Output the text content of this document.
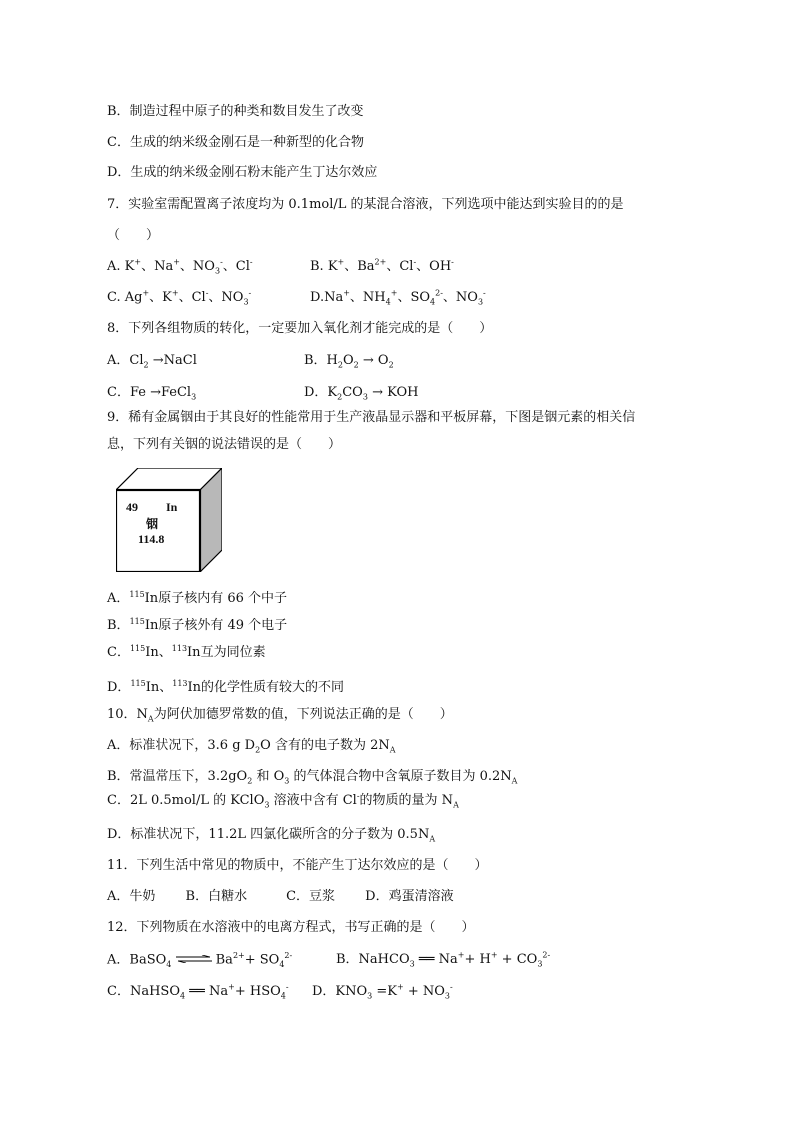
B．制造过程中原子的种类和数目发生了改变
C．生成的纳米级金刚石是一种新型的化合物
D．生成的纳米级金刚石粉末能产生丁达尔效应
7．实验室需配置离子浓度均为 0.1mol/L 的某混合溶液，下列选项中能达到实验目的的是
（　　）
A. K+、Na+、$NO_3^-$、Cl-	B. K+、$Ba^{2+}$、Cl-、OH-
C. Ag+、K+、Cl-、$NO_3^-$	D.Na+、$NH_4^+$、$SO_4^{2-}$、$NO_3^-$
8．下列各组物质的转化，一定要加入氧化剂才能完成的是（　　）
A．$Cl_2$ →NaCl	B．$H_2O_2 \to O_2$
C．Fe →FeCl$_3$	D．$K_2CO_3$ → KOH
9．稀有金属铟由于其良好的性能常用于生产液晶显示器和平板屏幕，下图是铟元素的相关信
息，下列有关铟的说法错误的是（　　）
49 In
铟
114.8
A．$^{115}$In原子核内有 66 个中子
B．$^{115}$In原子核外有 49 个电子
C．$^{115}$In、$^{113}$In互为同位素
D．$^{115}$In、$^{113}$In的化学性质有较大的不同
10．$N_A$为阿伏加德罗常数的值，下列说法正确的是（　　）
A．标准状况下，3.6 g $D_2O$ 含有的电子数为 $2N_A$
B．常温常压下，$3.2gO_2$ 和 $O_3$ 的气体混合物中含氧原子数目为 $0.2N_A$
C．2L 0.5mol/L 的 KClO$_3$ 溶液中含有 Cl-的物质的量为 $N_A$
D．标准状况下，11.2L 四氯化碳所含的分子数为 $0.5N_A$
11．下列生活中常见的物质中，不能产生丁达尔效应的是（　　）
A．牛奶　　 B．白糖水　　　C．豆浆　　 D．鸡蛋清溶液
12．下列物质在水溶液中的电离方程式，书写正确的是（　　）
A．BaSO$_4$	$Ba^{2+}+ SO_4^{2-}$	B．NaHCO$_3$ ══ $Na^++ H^+ + CO_3^{2-}$
C．NaHSO$_4$ ══ $Na^++ HSO_4^-$ D．$KNO_3 =K^+ + NO_3^-$
